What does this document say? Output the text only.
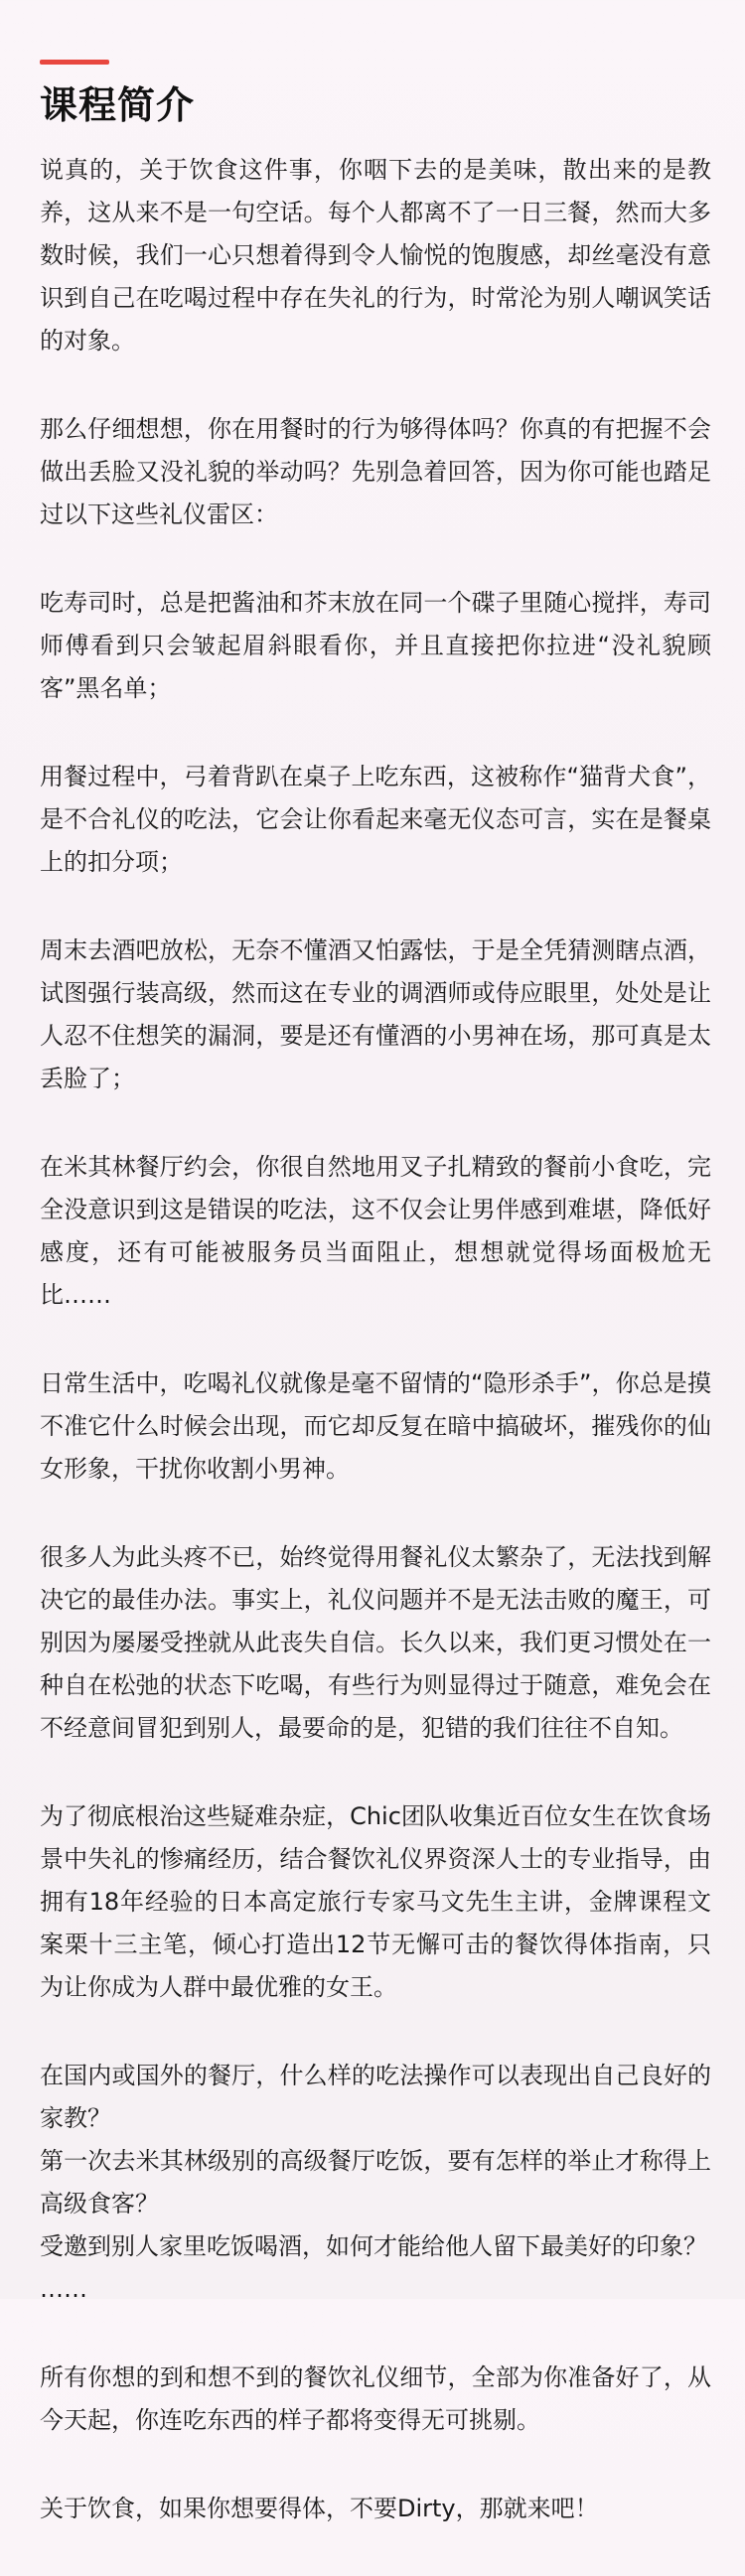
课程简介

说真的，关于饮食这件事，你咽下去的是美味，散出来的是教养，这从来不是一句空话。每个人都离不了一日三餐，然而大多数时候，我们一心只想着得到令人愉悦的饱腹感，却丝毫没有意识到自己在吃喝过程中存在失礼的行为，时常沦为别人嘲讽笑话的对象。

那么仔细想想，你在用餐时的行为够得体吗？你真的有把握不会做出丢脸又没礼貌的举动吗？先别急着回答，因为你可能也踏足过以下这些礼仪雷区：

吃寿司时，总是把酱油和芥末放在同一个碟子里随心搅拌，寿司师傅看到只会皱起眉斜眼看你，并且直接把你拉进“没礼貌顾客”黑名单；

用餐过程中，弓着背趴在桌子上吃东西，这被称作“猫背犬食”，是不合礼仪的吃法，它会让你看起来毫无仪态可言，实在是餐桌上的扣分项；

周末去酒吧放松，无奈不懂酒又怕露怯，于是全凭猜测瞎点酒，试图强行装高级，然而这在专业的调酒师或侍应眼里，处处是让人忍不住想笑的漏洞，要是还有懂酒的小男神在场，那可真是太丢脸了；

在米其林餐厅约会，你很自然地用叉子扎精致的餐前小食吃，完全没意识到这是错误的吃法，这不仅会让男伴感到难堪，降低好感度，还有可能被服务员当面阻止，想想就觉得场面极尬无比……

日常生活中，吃喝礼仪就像是毫不留情的“隐形杀手”，你总是摸不准它什么时候会出现，而它却反复在暗中搞破坏，摧残你的仙女形象，干扰你收割小男神。

很多人为此头疼不已，始终觉得用餐礼仪太繁杂了，无法找到解决它的最佳办法。事实上，礼仪问题并不是无法击败的魔王，可别因为屡屡受挫就从此丧失自信。长久以来，我们更习惯处在一种自在松弛的状态下吃喝，有些行为则显得过于随意，难免会在不经意间冒犯到别人，最要命的是，犯错的我们往往不自知。

为了彻底根治这些疑难杂症，Chic团队收集近百位女生在饮食场景中失礼的惨痛经历，结合餐饮礼仪界资深人士的专业指导，由拥有18年经验的日本高定旅行专家马文先生主讲，金牌课程文案栗十三主笔，倾心打造出12节无懈可击的餐饮得体指南，只为让你成为人群中最优雅的女王。

在国内或国外的餐厅，什么样的吃法操作可以表现出自己良好的家教？
第一次去米其林级别的高级餐厅吃饭，要有怎样的举止才称得上高级食客？
受邀到别人家里吃饭喝酒，如何才能给他人留下最美好的印象？
……

所有你想的到和想不到的餐饮礼仪细节，全部为你准备好了，从今天起，你连吃东西的样子都将变得无可挑剔。

关于饮食，如果你想要得体，不要Dirty，那就来吧！
